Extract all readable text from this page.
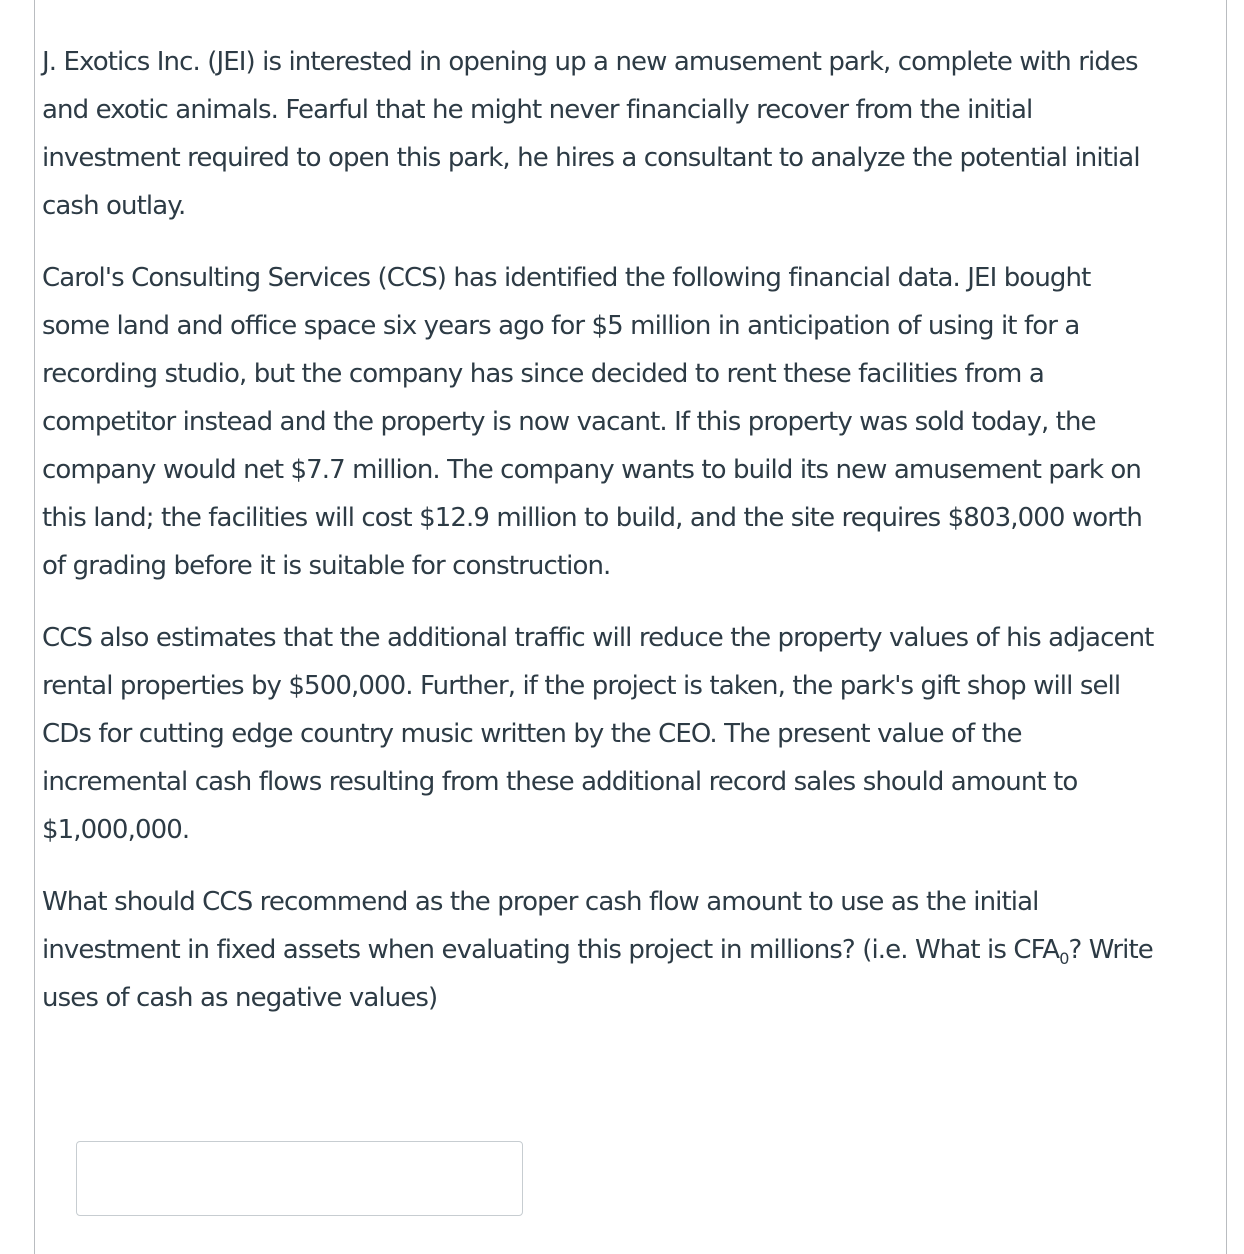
J. Exotics Inc. (JEI) is interested in opening up a new amusement park, complete with rides and exotic animals. Fearful that he might never financially recover from the initial investment required to open this park, he hires a consultant to analyze the potential initial cash outlay.

Carol's Consulting Services (CCS) has identified the following financial data. JEI bought some land and office space six years ago for $5 million in anticipation of using it for a recording studio, but the company has since decided to rent these facilities from a competitor instead and the property is now vacant. If this property was sold today, the company would net $7.7 million. The company wants to build its new amusement park on this land; the facilities will cost $12.9 million to build, and the site requires $803,000 worth of grading before it is suitable for construction.

CCS also estimates that the additional traffic will reduce the property values of his adjacent rental properties by $500,000. Further, if the project is taken, the park's gift shop will sell CDs for cutting edge country music written by the CEO. The present value of the incremental cash flows resulting from these additional record sales should amount to $1,000,000.

What should CCS recommend as the proper cash flow amount to use as the initial investment in fixed assets when evaluating this project in millions? (i.e. What is $CFA_0$? Write uses of cash as negative values)
